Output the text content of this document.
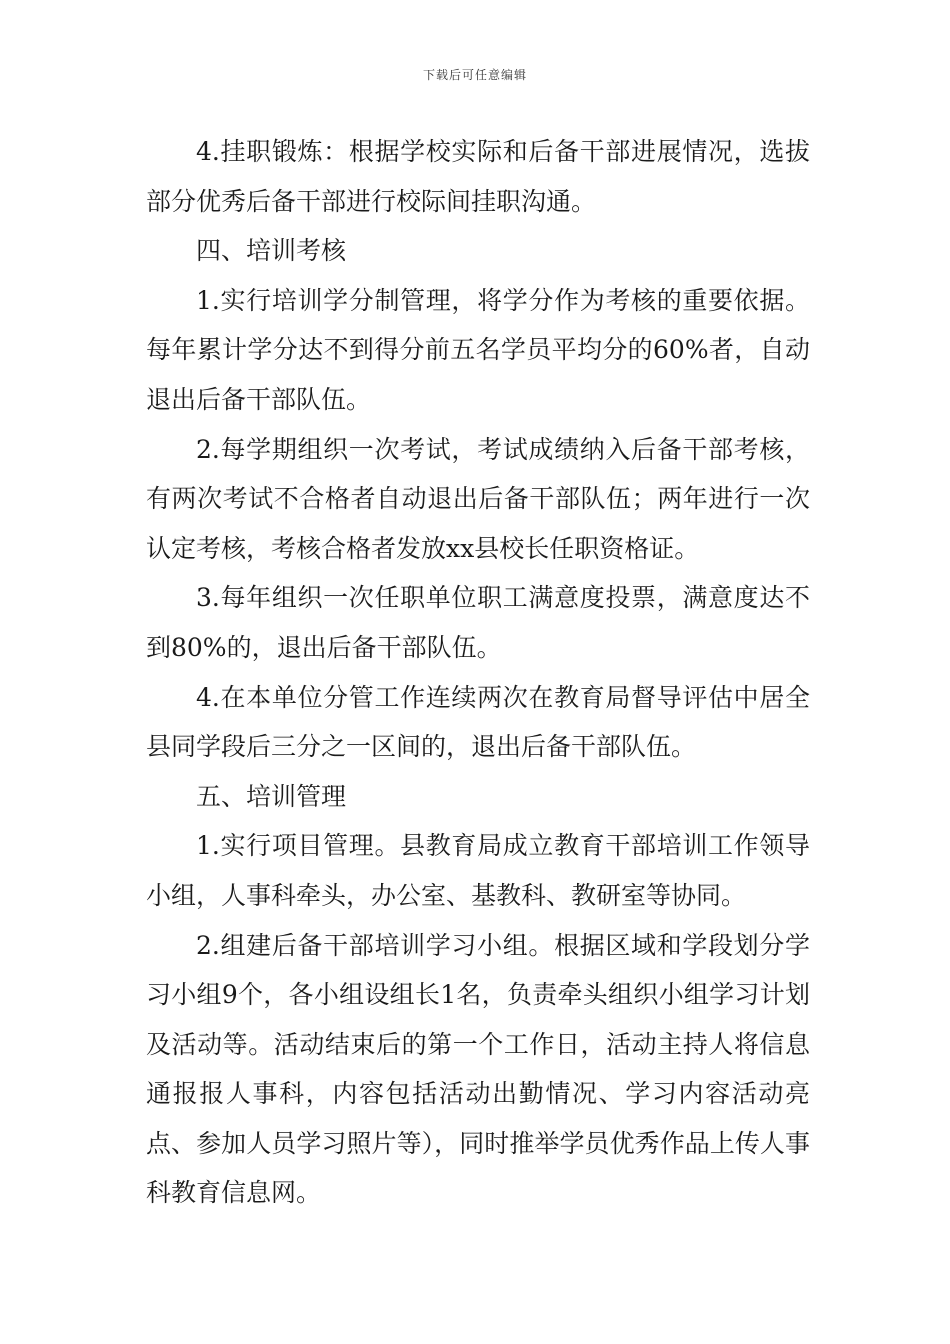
下载后可任意编辑

4.挂职锻炼：根据学校实际和后备干部进展情况，选拔部分优秀后备干部进行校际间挂职沟通。

四、培训考核

1.实行培训学分制管理，将学分作为考核的重要依据。每年累计学分达不到得分前五名学员平均分的60%者，自动退出后备干部队伍。

2.每学期组织一次考试，考试成绩纳入后备干部考核，有两次考试不合格者自动退出后备干部队伍；两年进行一次认定考核，考核合格者发放xx县校长任职资格证。

3.每年组织一次任职单位职工满意度投票，满意度达不到80%的，退出后备干部队伍。

4.在本单位分管工作连续两次在教育局督导评估中居全县同学段后三分之一区间的，退出后备干部队伍。

五、培训管理

1.实行项目管理。县教育局成立教育干部培训工作领导小组，人事科牵头，办公室、基教科、教研室等协同。

2.组建后备干部培训学习小组。根据区域和学段划分学习小组9个，各小组设组长1名，负责牵头组织小组学习计划及活动等。活动结束后的第一个工作日，活动主持人将信息通报报人事科，内容包括活动出勤情况、学习内容活动亮点、参加人员学习照片等），同时推举学员优秀作品上传人事科教育信息网。
